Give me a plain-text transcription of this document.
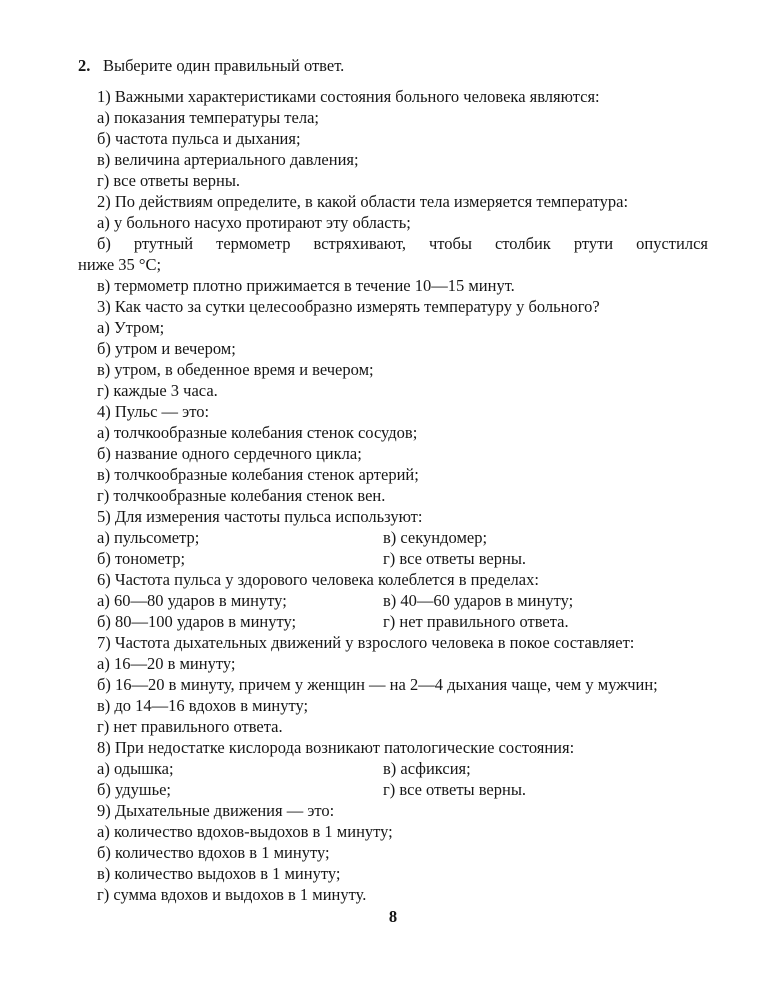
2. Выберите один правильный ответ.

1) Важными характеристиками состояния больного человека являются:

а) показания температуры тела;

б) частота пульса и дыхания;

в) величина артериального давления;

г) все ответы верны.

2) По действиям определите, в какой области тела измеряется температура:

а) у больного насухо протирают эту область;

б) ртутный термометр встряхивают, чтобы столбик ртути опустился
ниже 35 °С;

в) термометр плотно прижимается в течение 10—15 минут.

3) Как часто за сутки целесообразно измерять температуру у больного?

а) Утром;

б) утром и вечером;

в) утром, в обеденное время и вечером;

г) каждые 3 часа.

4) Пульс — это:

а) толчкообразные колебания стенок сосудов;

б) название одного сердечного цикла;

в) толчкообразные колебания стенок артерий;

г) толчкообразные колебания стенок вен.

5) Для измерения частоты пульса используют:

а) пульсометр;	в) секундомер;

б) тонометр;	г) все ответы верны.

6) Частота пульса у здорового человека колеблется в пределах:

а) 60—80 ударов в минуту;	в) 40—60 ударов в минуту;

б) 80—100 ударов в минуту;	г) нет правильного ответа.

7) Частота дыхательных движений у взрослого человека в покое составляет:

а) 16—20 в минуту;

б) 16—20 в минуту, причем у женщин — на 2—4 дыхания чаще, чем у мужчин;

в) до 14—16 вдохов в минуту;

г) нет правильного ответа.

8) При недостатке кислорода возникают патологические состояния:

а) одышка;	в) асфиксия;

б) удушье;	г) все ответы верны.

9) Дыхательные движения — это:

а) количество вдохов-выдохов в 1 минуту;

б) количество вдохов в 1 минуту;

в) количество выдохов в 1 минуту;

г) сумма вдохов и выдохов в 1 минуту.

8
